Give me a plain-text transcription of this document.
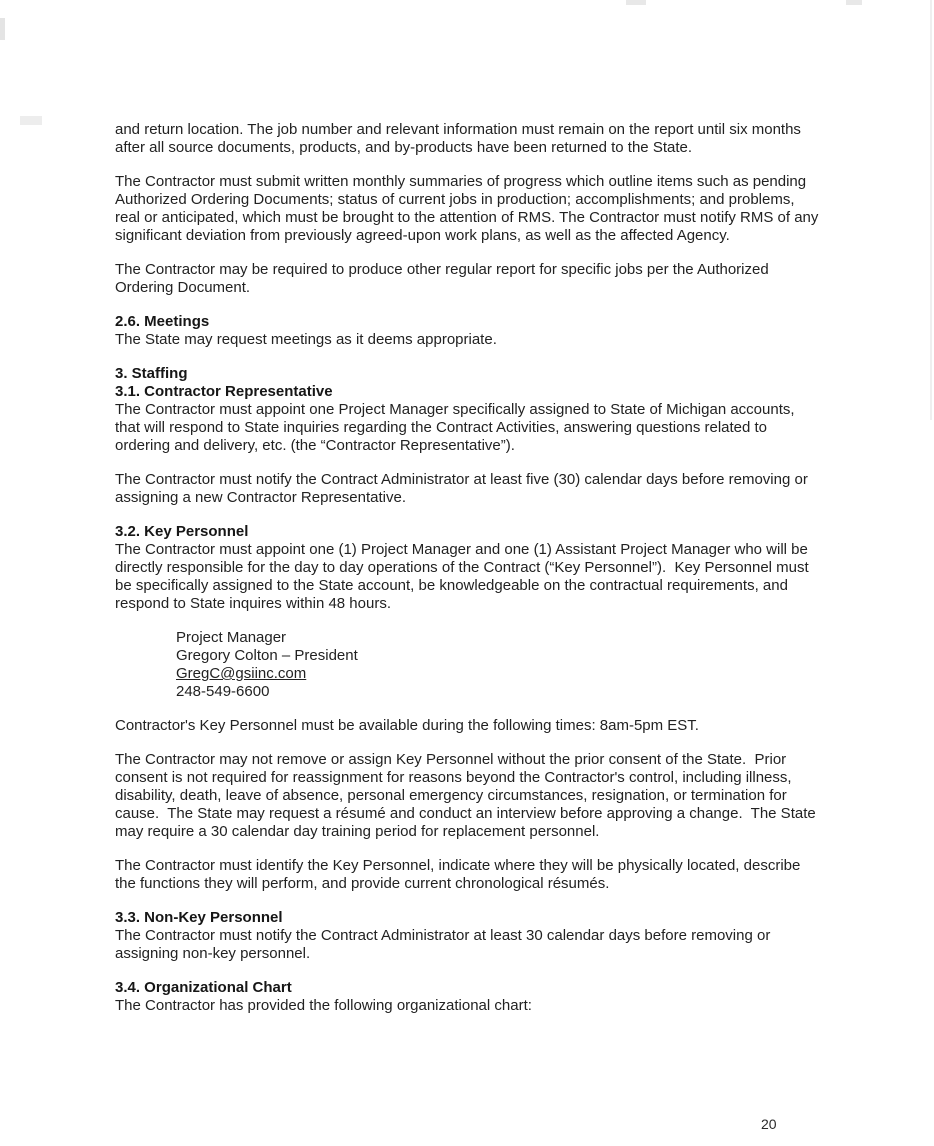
and return location. The job number and relevant information must remain on the report until six months after all source documents, products, and by-products have been returned to the State.

The Contractor must submit written monthly summaries of progress which outline items such as pending Authorized Ordering Documents; status of current jobs in production; accomplishments; and problems, real or anticipated, which must be brought to the attention of RMS. The Contractor must notify RMS of any significant deviation from previously agreed-upon work plans, as well as the affected Agency.

The Contractor may be required to produce other regular report for specific jobs per the Authorized Ordering Document.

2.6. Meetings

The State may request meetings as it deems appropriate.

3. Staffing

3.1. Contractor Representative

The Contractor must appoint one Project Manager specifically assigned to State of Michigan accounts, that will respond to State inquiries regarding the Contract Activities, answering questions related to ordering and delivery, etc. (the “Contractor Representative”).

The Contractor must notify the Contract Administrator at least five (30) calendar days before removing or assigning a new Contractor Representative.

3.2. Key Personnel

The Contractor must appoint one (1) Project Manager and one (1) Assistant Project Manager who will be directly responsible for the day to day operations of the Contract (“Key Personnel”).  Key Personnel must be specifically assigned to the State account, be knowledgeable on the contractual requirements, and respond to State inquires within 48 hours.

Project Manager
Gregory Colton – President
GregC@gsiinc.com
248-549-6600

Contractor's Key Personnel must be available during the following times: 8am-5pm EST.

The Contractor may not remove or assign Key Personnel without the prior consent of the State.  Prior consent is not required for reassignment for reasons beyond the Contractor's control, including illness, disability, death, leave of absence, personal emergency circumstances, resignation, or termination for cause.  The State may request a résumé and conduct an interview before approving a change.  The State may require a 30 calendar day training period for replacement personnel.

The Contractor must identify the Key Personnel, indicate where they will be physically located, describe the functions they will perform, and provide current chronological résumés.

3.3. Non-Key Personnel

The Contractor must notify the Contract Administrator at least 30 calendar days before removing or assigning non-key personnel.

3.4. Organizational Chart

The Contractor has provided the following organizational chart:

20
